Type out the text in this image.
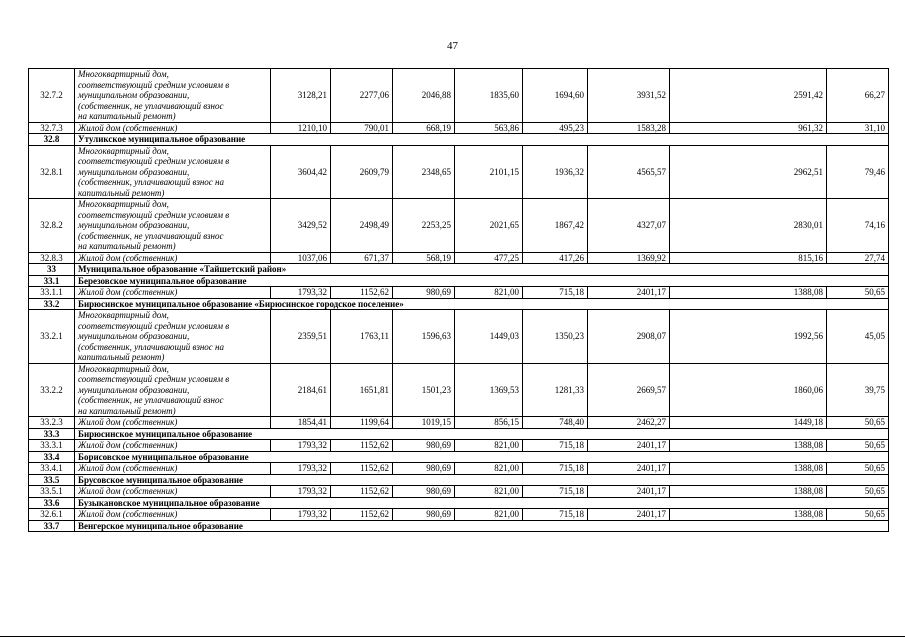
47
32.7.2	Многоквартирный дом,
соответствующий средним условиям в
муниципальном образовании,
(собственник, не уплачивающий взнос
на капитальный ремонт)	3128,21	2277,06	2046,88	1835,60	1694,60	3931,52	2591,42	66,27
32.7.3	Жилой дом (собственник)	1210,10	790,01	668,19	563,86	495,23	1583,28	961,32	31,10
32.8	Утуликское муниципальное образование								
32.8.1	Многоквартирный дом,
соответствующий средним условиям в
муниципальном образовании,
(собственник, уплачивающий взнос на
капитальный ремонт)	3604,42	2609,79	2348,65	2101,15	1936,32	4565,57	2962,51	79,46
32.8.2	Многоквартирный дом,
соответствующий средним условиям в
муниципальном образовании,
(собственник, не уплачивающий взнос
на капитальный ремонт)	3429,52	2498,49	2253,25	2021,65	1867,42	4327,07	2830,01	74,16
32.8.3	Жилой дом (собственник)	1037,06	671,37	568,19	477,25	417,26	1369,92	815,16	27,74
33	Муниципальное образование «Тайшетский район»								
33.1	Березовское муниципальное образование								
33.1.1	Жилой дом (собственник)	1793,32	1152,62	980,69	821,00	715,18	2401,17	1388,08	50,65
33.2	Бирюсинское муниципальное образование «Бирюсинское городское поселение»								
33.2.1	Многоквартирный дом,
соответствующий средним условиям в
муниципальном образовании,
(собственник, уплачивающий взнос на
капитальный ремонт)	2359,51	1763,11	1596,63	1449,03	1350,23	2908,07	1992,56	45,05
33.2.2	Многоквартирный дом,
соответствующий средним условиям в
муниципальном образовании,
(собственник, не уплачивающий взнос
на капитальный ремонт)	2184,61	1651,81	1501,23	1369,53	1281,33	2669,57	1860,06	39,75
33.2.3	Жилой дом (собственник)	1854,41	1199,64	1019,15	856,15	748,40	2462,27	1449,18	50,65
33.3	Бирюсинское муниципальное образование								
33.3.1	Жилой дом (собственник)	1793,32	1152,62	980,69	821,00	715,18	2401,17	1388,08	50,65
33.4	Борисовское муниципальное образование								
33.4.1	Жилой дом (собственник)	1793,32	1152,62	980,69	821,00	715,18	2401,17	1388,08	50,65
33.5	Брусовское муниципальное образование								
33.5.1	Жилой дом (собственник)	1793,32	1152,62	980,69	821,00	715,18	2401,17	1388,08	50,65
33.6	Бузыкановское муниципальное образование								
32.6.1	Жилой дом (собственник)	1793,32	1152,62	980,69	821,00	715,18	2401,17	1388,08	50,65
33.7	Венгерское муниципальное образование								
